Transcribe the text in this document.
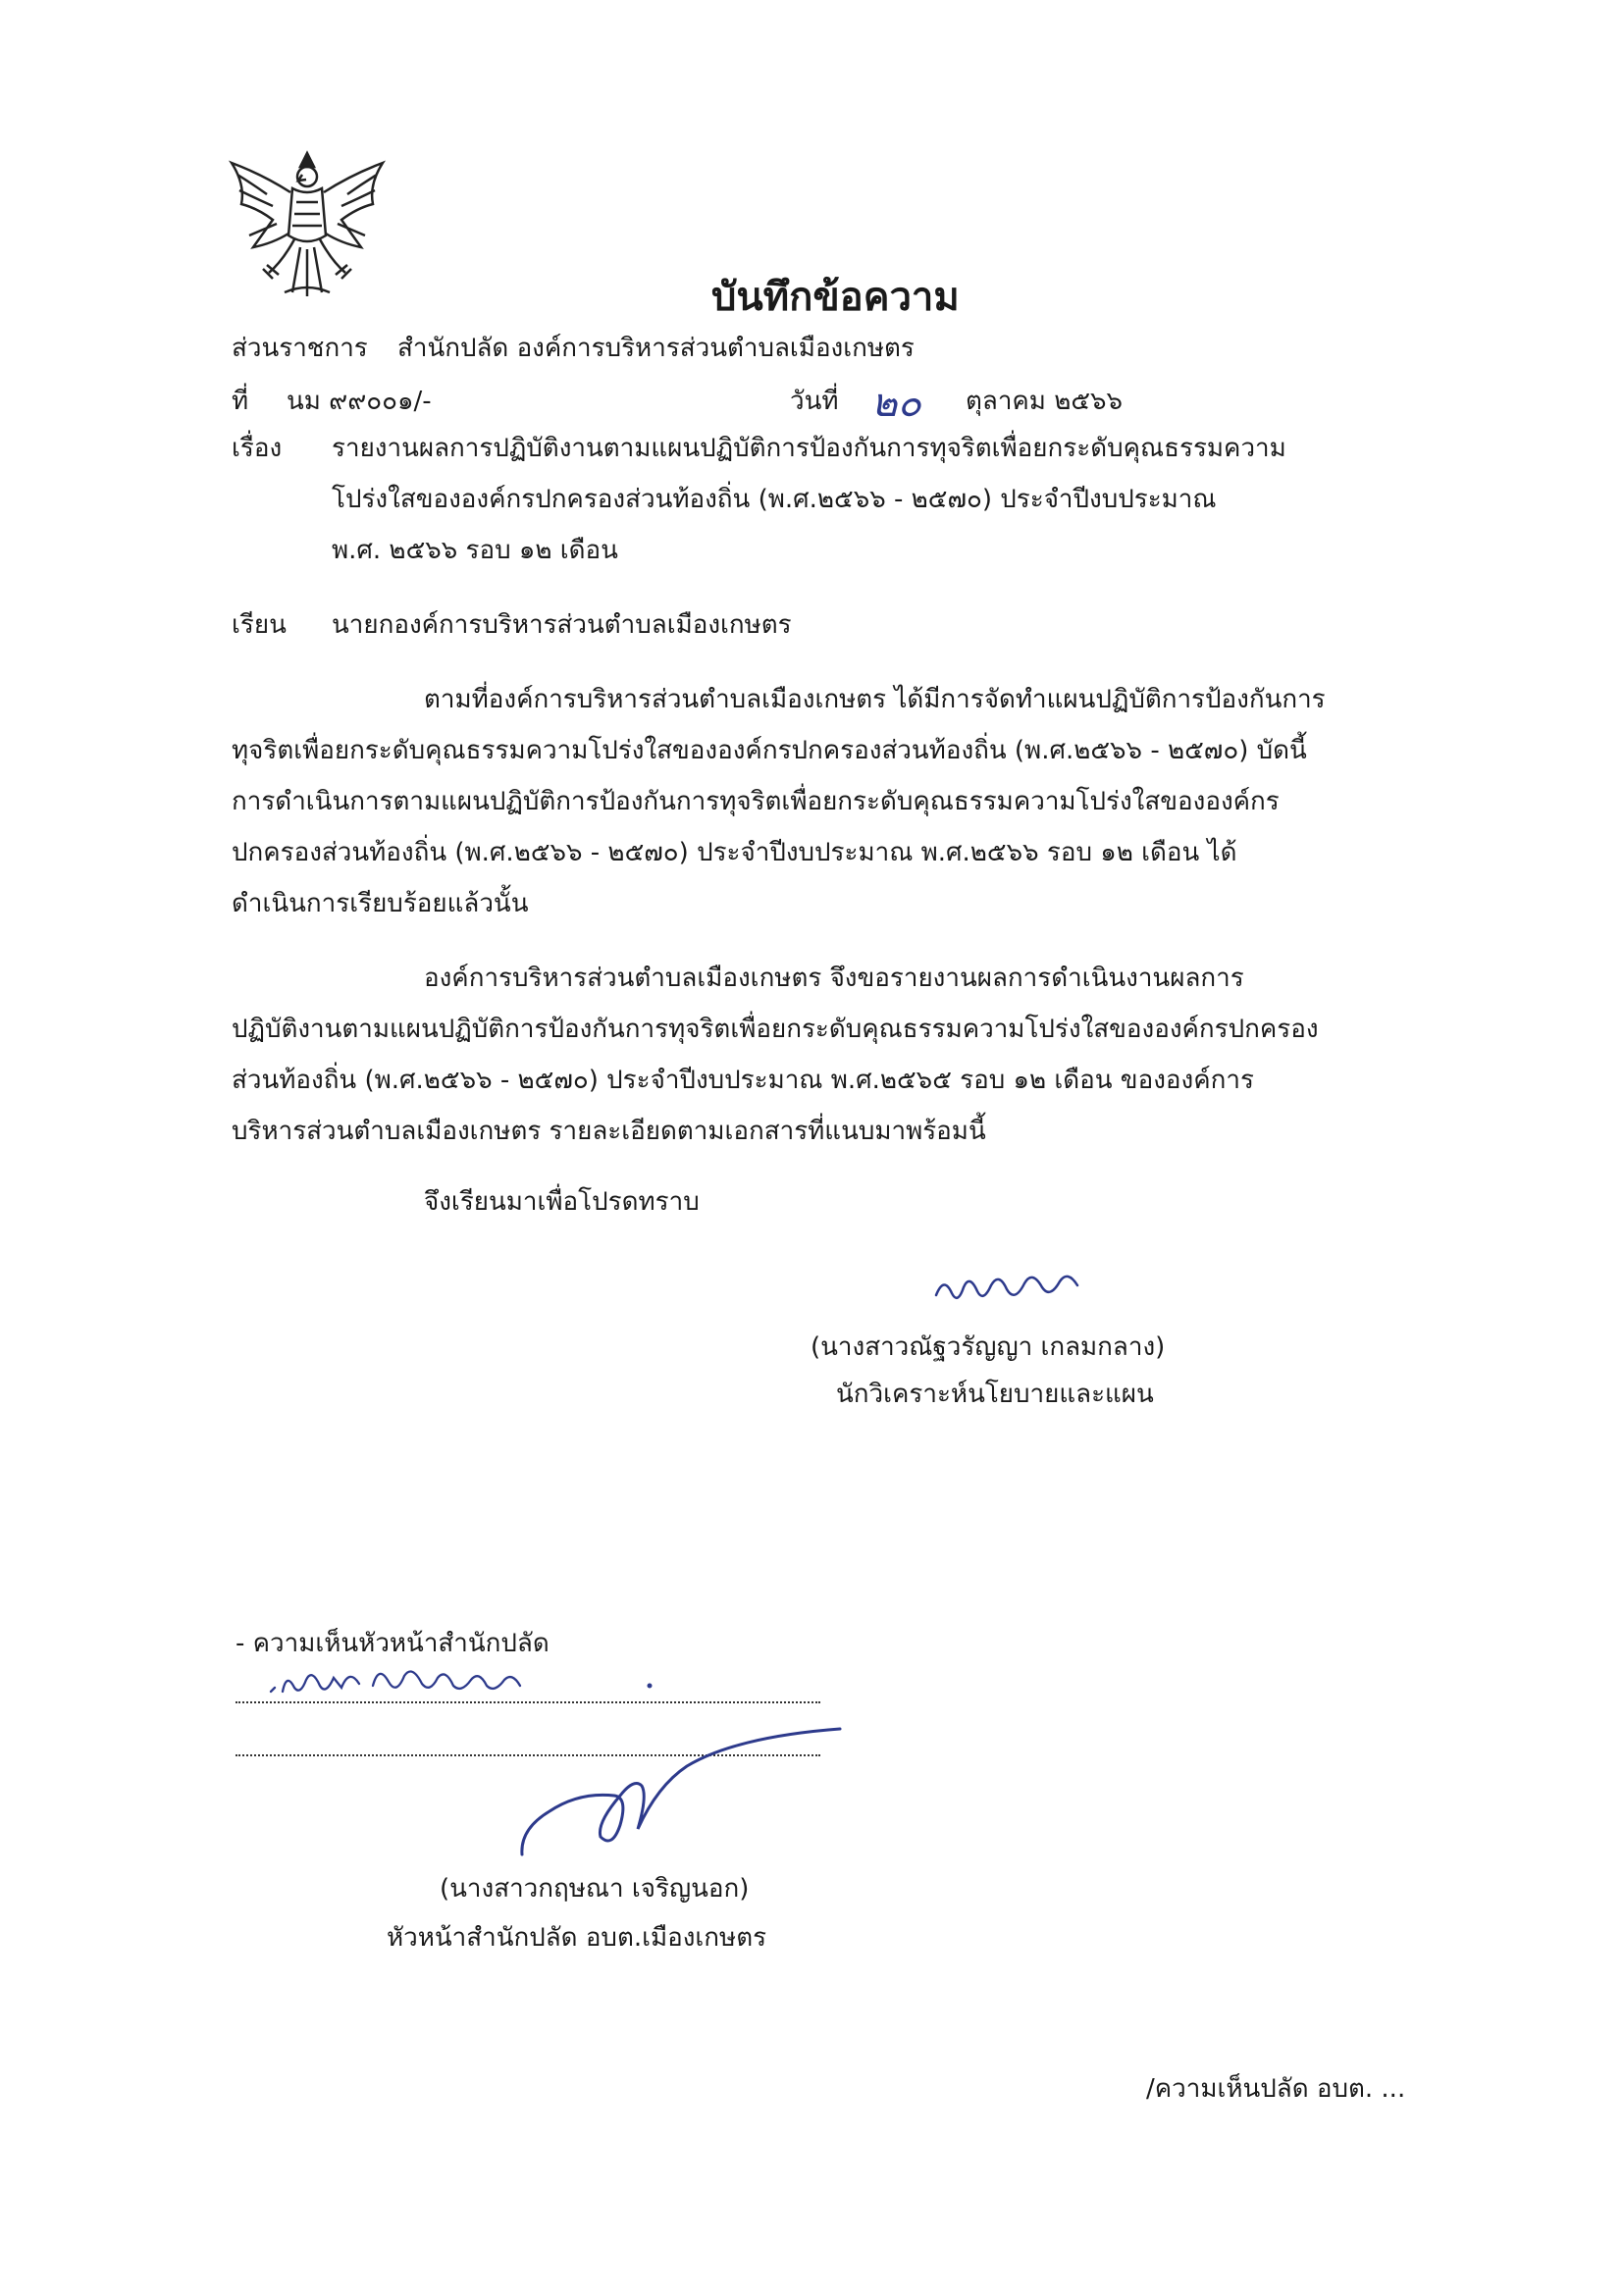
บันทึกข้อความ
ส่วนราชการ สำนักปลัด องค์การบริหารส่วนตำบลเมืองเกษตร
ที่ นม ๙๙๐๐๑/-	วันที่ ๒๐ ตุลาคม ๒๕๖๖
เรื่อง รายงานผลการปฏิบัติงานตามแผนปฏิบัติการป้องกันการทุจริตเพื่อยกระดับคุณธรรมความ
โปร่งใสขององค์กรปกครองส่วนท้องถิ่น (พ.ศ.๒๕๖๖ - ๒๕๗๐) ประจำปีงบประมาณ
พ.ศ. ๒๕๖๖ รอบ ๑๒ เดือน
เรียน นายกองค์การบริหารส่วนตำบลเมืองเกษตร
ตามที่องค์การบริหารส่วนตำบลเมืองเกษตร ได้มีการจัดทำแผนปฏิบัติการป้องกันการ
ทุจริตเพื่อยกระดับคุณธรรมความโปร่งใสขององค์กรปกครองส่วนท้องถิ่น (พ.ศ.๒๕๖๖ - ๒๕๗๐) บัดนี้
การดำเนินการตามแผนปฏิบัติการป้องกันการทุจริตเพื่อยกระดับคุณธรรมความโปร่งใสขององค์กร
ปกครองส่วนท้องถิ่น (พ.ศ.๒๕๖๖ - ๒๕๗๐) ประจำปีงบประมาณ พ.ศ.๒๕๖๖ รอบ ๑๒ เดือน ได้
ดำเนินการเรียบร้อยแล้วนั้น
องค์การบริหารส่วนตำบลเมืองเกษตร จึงขอรายงานผลการดำเนินงานผลการ
ปฏิบัติงานตามแผนปฏิบัติการป้องกันการทุจริตเพื่อยกระดับคุณธรรมความโปร่งใสขององค์กรปกครอง
ส่วนท้องถิ่น (พ.ศ.๒๕๖๖ - ๒๕๗๐) ประจำปีงบประมาณ พ.ศ.๒๕๖๕ รอบ ๑๒ เดือน ขององค์การ
บริหารส่วนตำบลเมืองเกษตร รายละเอียดตามเอกสารที่แนบมาพร้อมนี้
จึงเรียนมาเพื่อโปรดทราบ
(นางสาวณัฐวรัญญา เกลมกลาง)
นักวิเคราะห์นโยบายและแผน
- ความเห็นหัวหน้าสำนักปลัด
(นางสาวกฤษณา เจริญนอก)
หัวหน้าสำนักปลัด อบต.เมืองเกษตร
/ความเห็นปลัด อบต. ...
